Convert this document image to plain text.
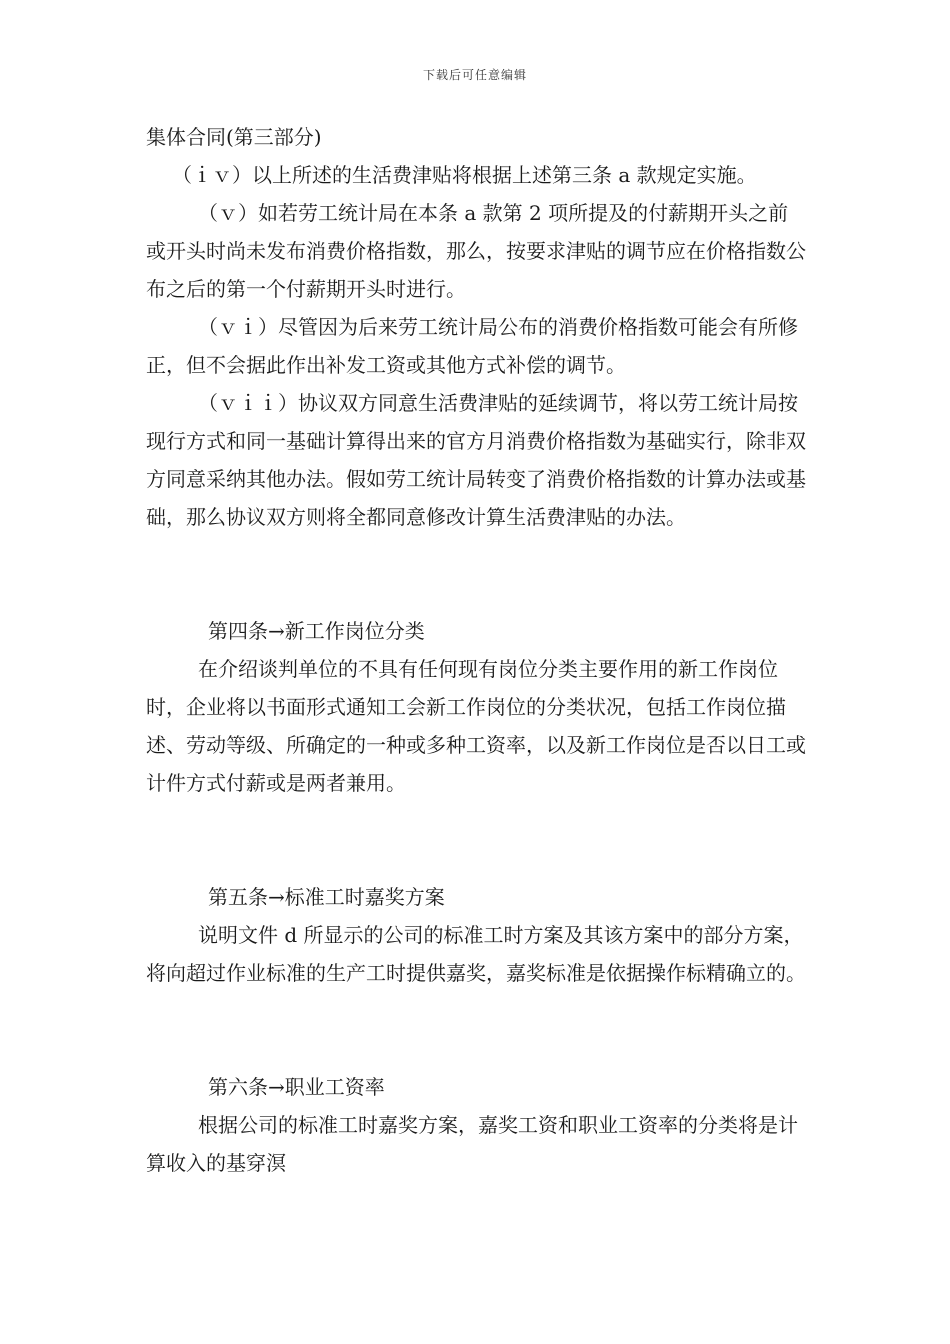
下载后可任意编辑

集体合同(第三部分)

（ｉｖ）以上所述的生活费津贴将根据上述第三条 a 款规定实施。

（ｖ）如若劳工统计局在本条 a 款第 2 项所提及的付薪期开头之前或开头时尚未发布消费价格指数，那么，按要求津贴的调节应在价格指数公布之后的第一个付薪期开头时进行。

（ｖｉ）尽管因为后来劳工统计局公布的消费价格指数可能会有所修正，但不会据此作出补发工资或其他方式补偿的调节。

（ｖｉｉ）协议双方同意生活费津贴的延续调节，将以劳工统计局按现行方式和同一基础计算得出来的官方月消费价格指数为基础实行，除非双方同意采纳其他办法。假如劳工统计局转变了消费价格指数的计算办法或基础，那么协议双方则将全都同意修改计算生活费津贴的办法。

第四条→新工作岗位分类

在介绍谈判单位的不具有任何现有岗位分类主要作用的新工作岗位时，企业将以书面形式通知工会新工作岗位的分类状况，包括工作岗位描述、劳动等级、所确定的一种或多种工资率，以及新工作岗位是否以日工或计件方式付薪或是两者兼用。

第五条→标准工时嘉奖方案

说明文件 d 所显示的公司的标准工时方案及其该方案中的部分方案，将向超过作业标准的生产工时提供嘉奖，嘉奖标准是依据操作标精确立的。

第六条→职业工资率

根据公司的标准工时嘉奖方案，嘉奖工资和职业工资率的分类将是计算收入的基穿溟
